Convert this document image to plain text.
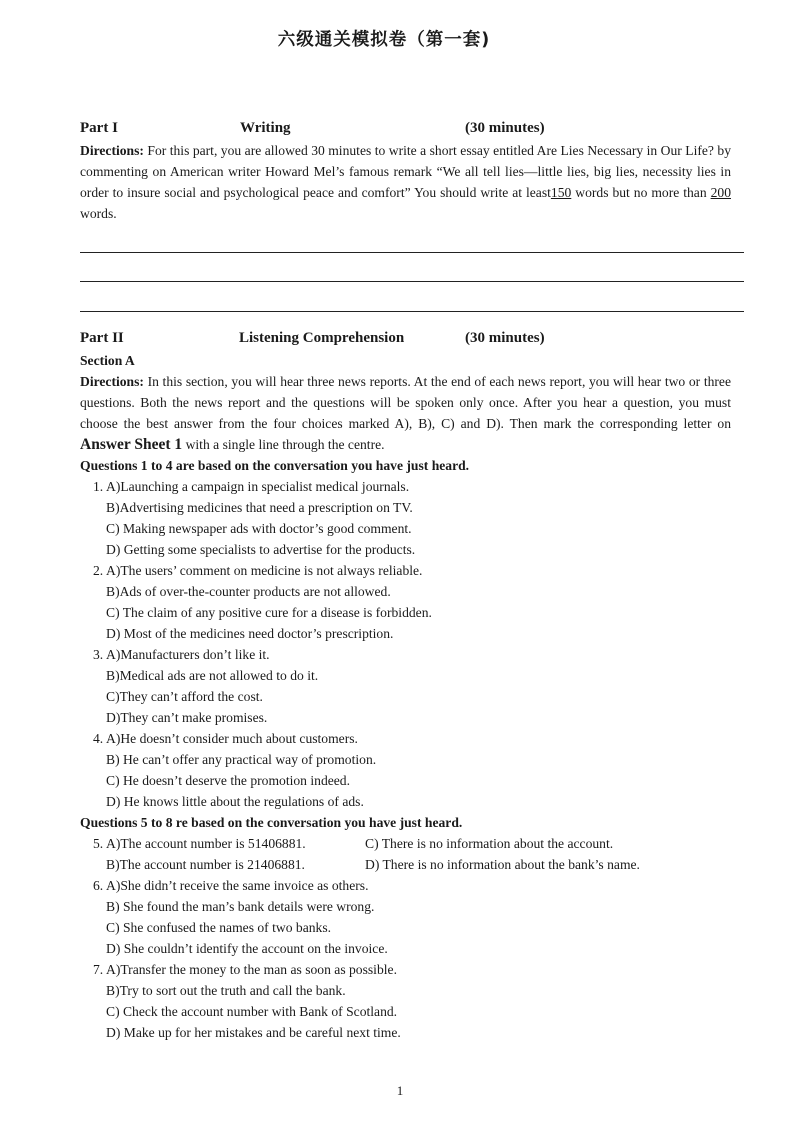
六级通关模拟卷（第一套)
Part I	Writing	(30 minutes)

Directions: For this part, you are allowed 30 minutes to write a short essay entitled Are Lies Necessary in Our Life? by commenting on American writer Howard Mel’s famous remark “We all tell lies—little lies, big lies, necessity lies in order to insure social and psychological peace and comfort” You should write at least150 words but no more than 200 words.

Part II	Listening Comprehension	(30 minutes)
Section A

Directions: In this section, you will hear three news reports. At the end of each news report, you will hear two or three questions. Both the news report and the questions will be spoken only once. After you hear a question, you must choose the best answer from the four choices marked A), B), C) and D). Then mark the corresponding letter on Answer Sheet 1 with a single line through the centre.

Questions 1 to 4 are based on the conversation you have just heard.
1. A)Launching a campaign in specialist medical journals.
B)Advertising medicines that need a prescription on TV.
C) Making newspaper ads with doctor’s good comment.
D) Getting some specialists to advertise for the products.
2. A)The users’ comment on medicine is not always reliable.
B)Ads of over-the-counter products are not allowed.
C) The claim of any positive cure for a disease is forbidden.
D) Most of the medicines need doctor’s prescription.
3. A)Manufacturers don’t like it.
B)Medical ads are not allowed to do it.
C)They can’t afford the cost.
D)They can’t make promises.
4. A)He doesn’t consider much about customers.
B) He can’t offer any practical way of promotion.
C) He doesn’t deserve the promotion indeed.
D) He knows little about the regulations of ads.
Questions 5 to 8 re based on the conversation you have just heard.
5. A)The account number is 51406881.	C) There is no information about the account.
B)The account number is 21406881.	D) There is no information about the bank’s name.
6. A)She didn’t receive the same invoice as others.
B) She found the man’s bank details were wrong.
C) She confused the names of two banks.
D) She couldn’t identify the account on the invoice.
7. A)Transfer the money to the man as soon as possible.
B)Try to sort out the truth and call the bank.
C) Check the account number with Bank of Scotland.
D) Make up for her mistakes and be careful next time.
1
